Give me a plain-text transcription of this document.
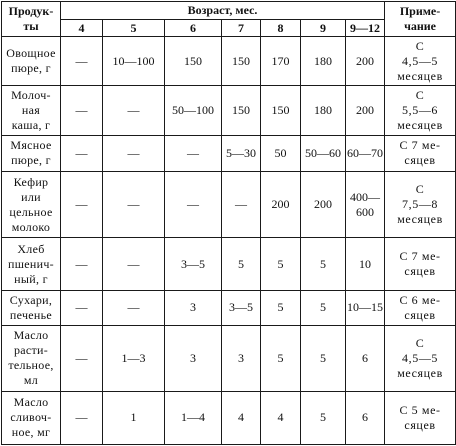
Продук-
ты	Возраст, мес.							Приме-
чание

	4	5	6	7	8	9	9—12	

Овощное
пюре, г	—	10—100	150	150	170	180	200	С
4,5—5
месяцев

Молоч-
ная
каша, г	—	—	50—100	150	150	180	200	С
5,5—6
месяцев

Мясное
пюре, г	—	—	—	5—30	50	50—60	60—70	С 7 ме-
сяцев

Кефир
или
цельное
молоко	—	—	—	—	200	200	400—600	С
7,5—8
месяцев

Хлеб
пшенич-
ный, г	—	—	3—5	5	5	5	10	С 7 ме-
сяцев

Сухари,
печенье	—	—	3	3—5	5	5	10—15	С 6 ме-
сяцев

Масло
расти-
тельное,
мл	—	1—3	3	3	5	5	6	С
4,5—5
месяцев

Масло
сливоч-
ное, мг	—	1	1—4	4	4	5	6	С 5 ме-
сяцев
